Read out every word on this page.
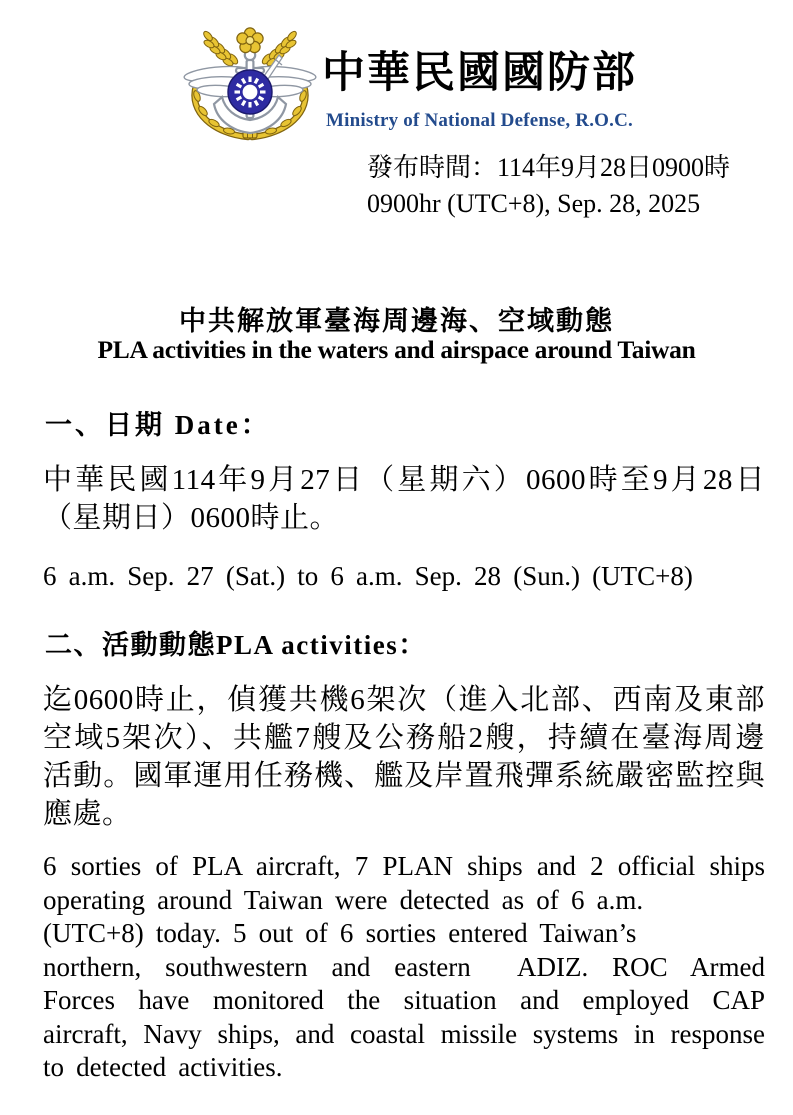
中華民國國防部
Ministry of National Defense, R.O.C.
發布時間：114年9月28日0900時
0900hr (UTC+8), Sep. 28, 2025
中共解放軍臺海周邊海、空域動態
PLA activities in the waters and airspace around Taiwan
一、日期 Date：
中華民國114年9月27日（星期六）0600時至9月28日
（星期日）0600時止。
6 a.m. Sep. 27 (Sat.) to 6 a.m. Sep. 28 (Sun.) (UTC+8)
二、活動動態PLA activities：
迄0600時止，偵獲共機6架次（進入北部、西南及東部
空域5架次）、共艦7艘及公務船2艘，持續在臺海周邊
活動。國軍運用任務機、艦及岸置飛彈系統嚴密監控與
應處。
6 sorties of PLA aircraft, 7 PLAN ships and 2 official ships
operating around Taiwan were detected as of 6 a.m.
(UTC+8) today. 5 out of 6 sorties entered Taiwan’s
northern, southwestern and eastern  ADIZ. ROC Armed
Forces have monitored the situation and employed CAP
aircraft, Navy ships, and coastal missile systems in response
to detected activities.
